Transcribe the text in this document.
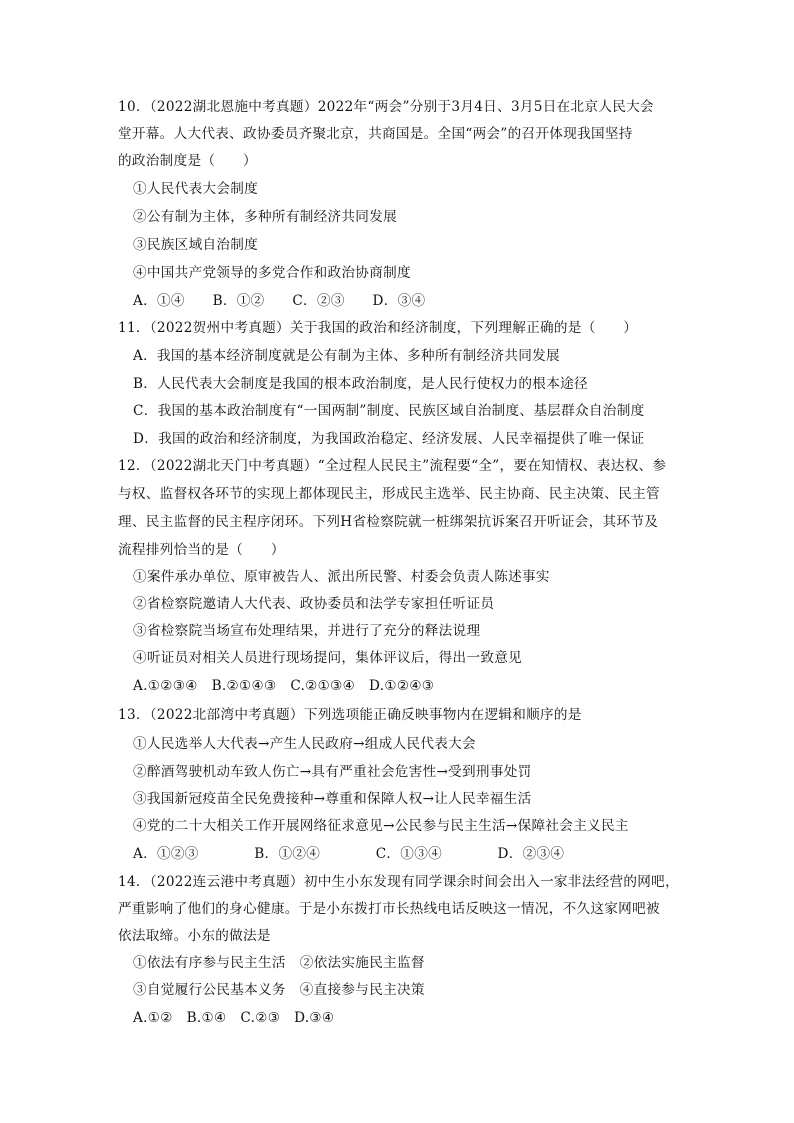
10．（2022湖北恩施中考真题）2022年“两会”分别于3月4日、3月5日在北京人民大会
堂开幕。人大代表、政协委员齐聚北京，共商国是。全国“两会”的召开体现我国坚持
的政治制度是（　　）
①人民代表大会制度
②公有制为主体，多种所有制经济共同发展
③民族区域自治制度
④中国共产党领导的多党合作和政治协商制度
A．①④　　B．①②　　C．②③　　D．③④
11．（2022贺州中考真题）关于我国的政治和经济制度，下列理解正确的是（　　）
A．我国的基本经济制度就是公有制为主体、多种所有制经济共同发展
B．人民代表大会制度是我国的根本政治制度，是人民行使权力的根本途径
C．我国的基本政治制度有“一国两制”制度、民族区域自治制度、基层群众自治制度
D．我国的政治和经济制度，为我国政治稳定、经济发展、人民幸福提供了唯一保证
12．（2022湖北天门中考真题）“全过程人民民主”流程要“全”，要在知情权、表达权、参
与权、监督权各环节的实现上都体现民主，形成民主选举、民主协商、民主决策、民主管
理、民主监督的民主程序闭环。下列H省检察院就一桩绑架抗诉案召开听证会，其环节及
流程排列恰当的是（　　）
①案件承办单位、原审被告人、派出所民警、村委会负责人陈述事实
②省检察院邀请人大代表、政协委员和法学专家担任听证员
③省检察院当场宣布处理结果，并进行了充分的释法说理
④听证员对相关人员进行现场提问，集体评议后，得出一致意见
A.①②③④　B.②①④③　C.②①③④　D.①②④③
13．（2022北部湾中考真题）下列选项能正确反映事物内在逻辑和顺序的是
①人民选举人大代表→产生人民政府→组成人民代表大会
②醉酒驾驶机动车致人伤亡→具有严重社会危害性→受到刑事处罚
③我国新冠疫苗全民免费接种→尊重和保障人权→让人民幸福生活
④党的二十大相关工作开展网络征求意见→公民参与民主生活→保障社会主义民主
A．①②③　　　　B．①②④　　　　C．①③④　　　　D．②③④
14．（2022连云港中考真题）初中生小东发现有同学课余时间会出入一家非法经营的网吧，
严重影响了他们的身心健康。于是小东拨打市长热线电话反映这一情况，不久这家网吧被
依法取缔。小东的做法是
①依法有序参与民主生活　②依法实施民主监督
③自觉履行公民基本义务　④直接参与民主决策
A.①②　B.①④　C.②③　D.③④
